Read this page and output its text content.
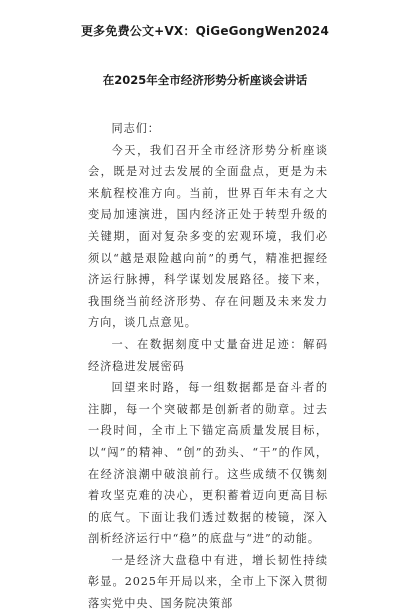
更多免费公文+VX：QiGeGongWen2024
在2025年全市经济形势分析座谈会讲话

同志们：

今天，我们召开全市经济形势分析座谈会，既是对过去发展的全面盘点，更是为未来航程校准方向。当前，世界百年未有之大变局加速演进，国内经济正处于转型升级的关键期，面对复杂多变的宏观环境，我们必须以“越是艰险越向前”的勇气，精准把握经济运行脉搏，科学谋划发展路径。接下来，我围绕当前经济形势、存在问题及未来发力方向，谈几点意见。

一、在数据刻度中丈量奋进足迹：解码经济稳进发展密码

回望来时路，每一组数据都是奋斗者的注脚，每一个突破都是创新者的勋章。过去一段时间，全市上下锚定高质量发展目标，以“闯”的精神、“创”的劲头、“干”的作风，在经济浪潮中破浪前行。这些成绩不仅镌刻着攻坚克难的决心，更积蓄着迈向更高目标的底气。下面让我们透过数据的棱镜，深入剖析经济运行中“稳”的底盘与“进”的动能。

一是经济大盘稳中有进，增长韧性持续彰显。2025年开局以来，全市上下深入贯彻落实党中央、国务院决策部
